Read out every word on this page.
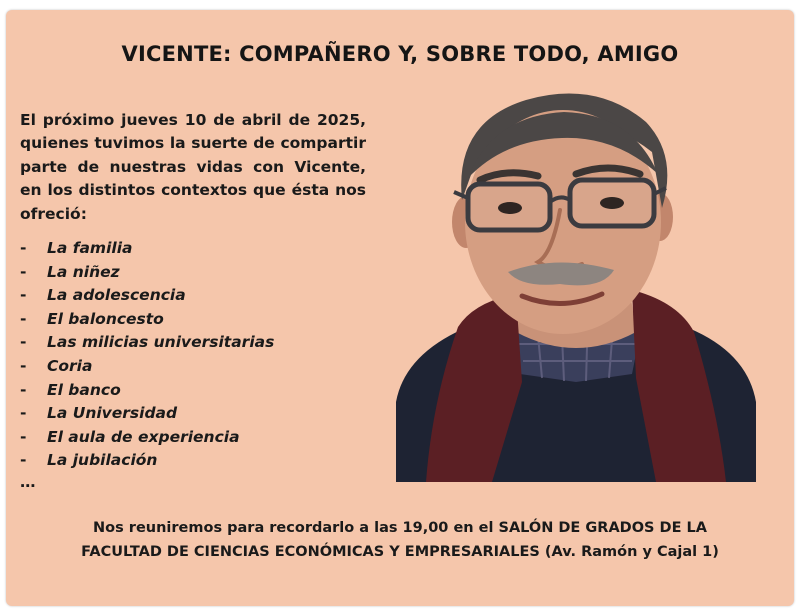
VICENTE: COMPAÑERO Y, SOBRE TODO, AMIGO

El próximo jueves 10 de abril de 2025, quienes tuvimos la suerte de compartir parte de nuestras vidas con Vicente, en los distintos contextos que ésta nos ofreció:

-	La familia
-	La niñez
-	La adolescencia
-	El baloncesto
-	Las milicias universitarias
-	Coria
-	El banco
-	La Universidad
-	El aula de experiencia
-	La jubilación
…
Nos reuniremos para recordarlo a las 19,00 en el SALÓN DE GRADOS DE LA
FACULTAD DE CIENCIAS ECONÓMICAS Y EMPRESARIALES (Av. Ramón y Cajal 1)
